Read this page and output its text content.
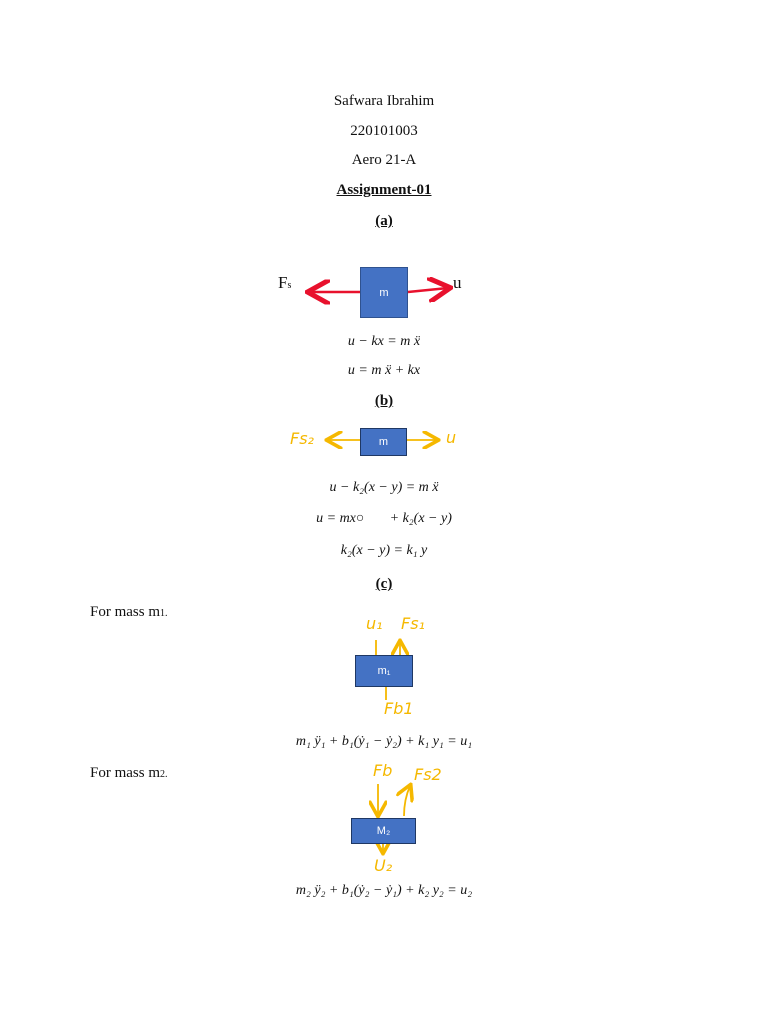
Safwara Ibrahim
220101003
Aero 21-A
Assignment-01
(a)
m
Fs	u
u − kx = m ẍ
u = m ẍ + kx
(b)
m
Fs₂	u
u − k₂(x − y) = m ẍ
u = mx○⃗⃗ + k₂(x − y)
k₂(x − y) = k₁ y
(c)
For mass m1.
u₁ Fs₁
m₁
Fb1
m₁ ÿ₁ + b₁(ẏ₁ − ẏ₂) + k₁ y₁ = u₁
For mass m2.	Fb Fs2
M₂
U₂
m₂ ÿ₂ + b₁(ẏ₂ − ẏ₁) + k₂ y₂ = u₂
